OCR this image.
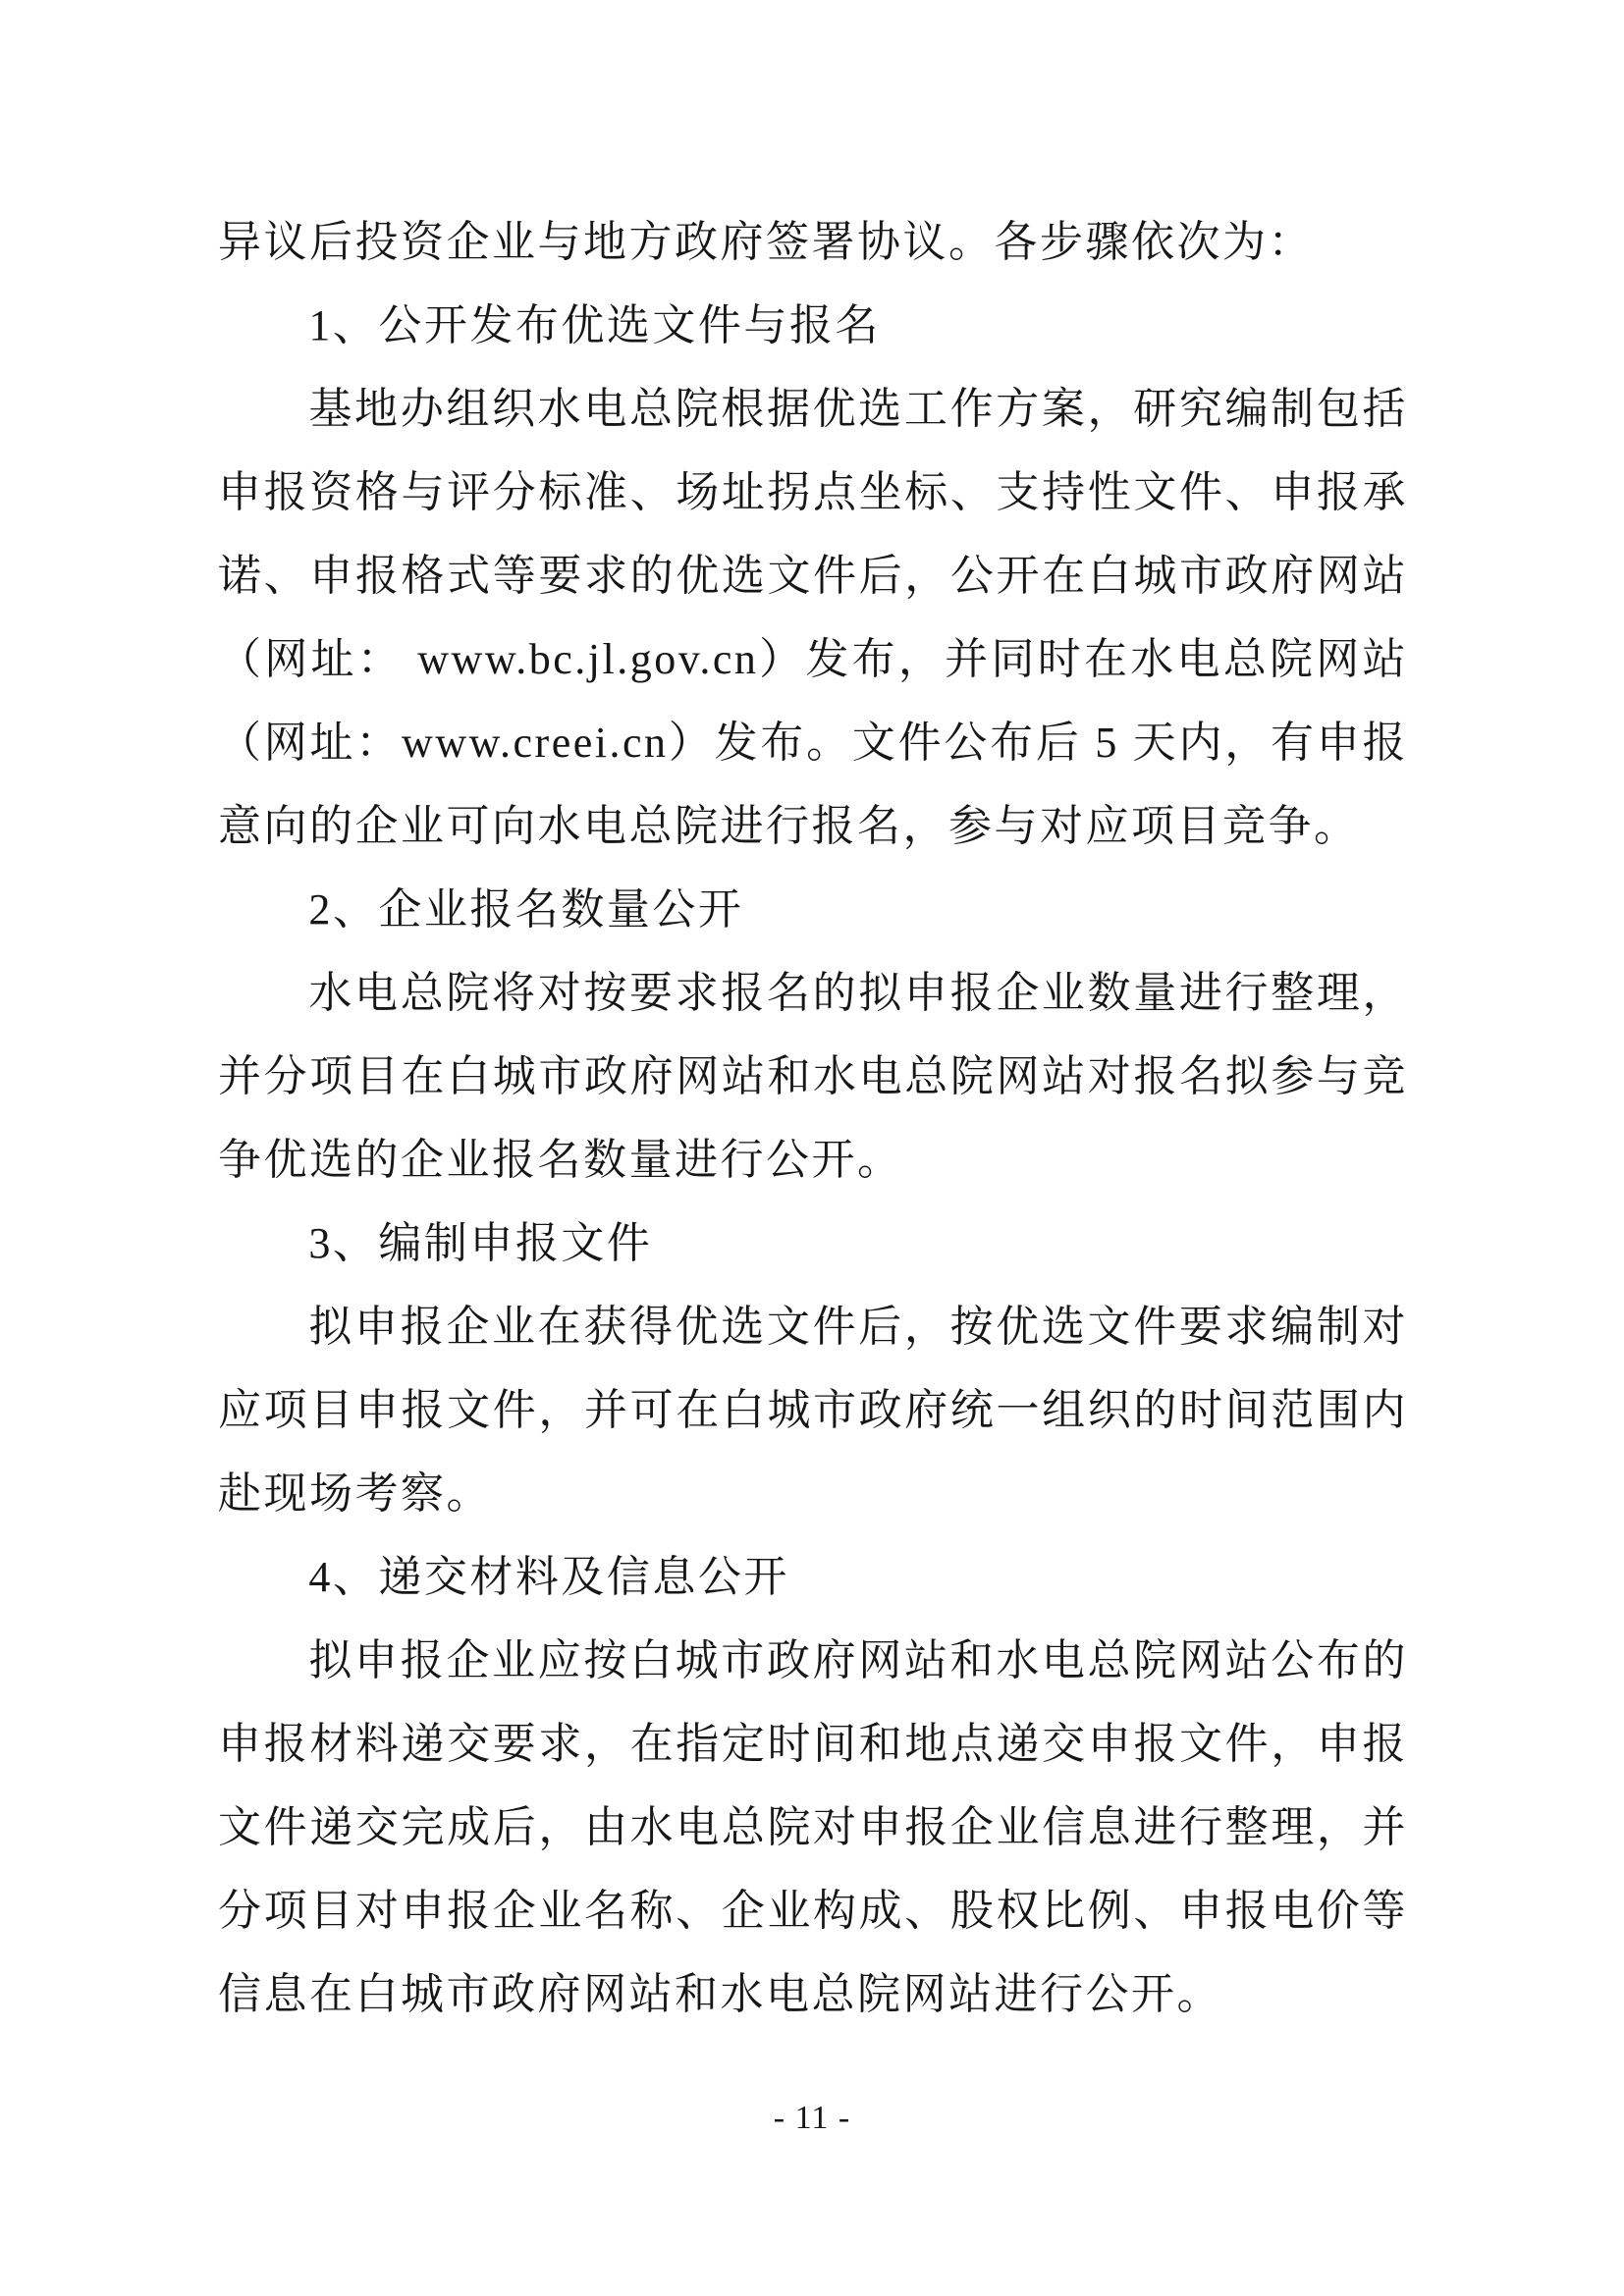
异议后投资企业与地方政府签署协议。各步骤依次为：

1、公开发布优选文件与报名

基地办组织水电总院根据优选工作方案，研究编制包括申报资格与评分标准、场址拐点坐标、支持性文件、申报承诺、申报格式等要求的优选文件后，公开在白城市政府网站（网址： www.bc.jl.gov.cn）发布，并同时在水电总院网站（网址：www.creei.cn）发布。文件公布后 5 天内，有申报意向的企业可向水电总院进行报名，参与对应项目竞争。

2、企业报名数量公开

水电总院将对按要求报名的拟申报企业数量进行整理，并分项目在白城市政府网站和水电总院网站对报名拟参与竞争优选的企业报名数量进行公开。

3、编制申报文件

拟申报企业在获得优选文件后，按优选文件要求编制对应项目申报文件，并可在白城市政府统一组织的时间范围内赴现场考察。

4、递交材料及信息公开

拟申报企业应按白城市政府网站和水电总院网站公布的申报材料递交要求，在指定时间和地点递交申报文件，申报文件递交完成后，由水电总院对申报企业信息进行整理，并分项目对申报企业名称、企业构成、股权比例、申报电价等信息在白城市政府网站和水电总院网站进行公开。

- 11 -
